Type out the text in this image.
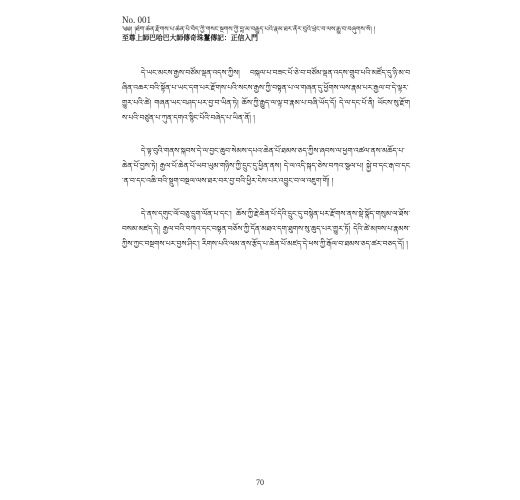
No. 001
༄༅། །ཐེག་ཆེན་རྫོགས་པ་ཆེན་པོ་བོད་ཀྱི་གསང་སྔགས་ཀྱི་བླ་མ་བརྒྱུད་པའི་རྣམ་ཐར་ནོར་བུའི་ཕྲེང་བ་ལས་རྒྱུ་བ་བཞུགས་སོ། །
至尊上師巴哈巴大師傳奇珠鬘傳記：正信入門

དེ་ཡང་མངས་རྒྱས་བཙོམ་ལྡན་འདས་ཀྱིས། བསྐལ་པ་བཟང་པོ་ཅེ་བ་བཙོམ་ལྡན་འདས་གྲུབ་པའི་མཛོད་དུ་ཉི་མ་བཞིན་འཆར་བའི་སྟོན་པ་ཡང་དག་པར་རྫོགས་པའི་སངས་རྒྱས་ཀྱི་བསྟན་པ་ལ་གཞན་དུ་ཕྱོགས་ལས་རྣམ་པར་རྒྱལ་བ་དེ་ལྟར་གྱུར་པའི་ཚེ། གཞན་ཡང་བཤད་པར་བྱ་བ་ཡིན་ཏེ། ཆོས་ཀྱི་རྒྱུད་ལ་ལྟ་བ་རྣམ་པ་བཞི་ཡོད་དོ། དེ་ལ་དང་པོ་ནི། ཡོངས་སུ་རྫོགས་པའི་བཙུན་པ་ཀུན་དགའ་སྙིང་པོའི་བཞེད་པ་ཡིན་ནོ། །

དེ་ལྟ་བུའི་གནས་སྐབས་དེ་ལ་བྱང་ཆུབ་སེམས་དཔའ་ཆེན་པོ་ཐམས་ཅད་ཀྱིས་ཞབས་ལ་ཕྱག་འཚལ་ནས་མཆོད་པ་ཆེན་པོ་བྱས་ཏེ། རྒྱལ་པོ་ཆེན་པོ་ཡབ་ཡུམ་གཉིས་ཀྱི་དྲུང་དུ་ཕྱིན་ནས། དེ་ལ་འདི་སྐད་ཅེས་བཀའ་སྩལ་པ། སྐྱེ་བ་དང་རྒ་བ་དང་ན་བ་དང་འཆི་བའི་སྡུག་བསྔལ་ལས་ཐར་བར་བྱ་བའི་ཕྱིར་ངེས་པར་འབྱུང་བ་ལ་འཇུག་གོ། །

དེ་ནས་དགུང་ལོ་བཅུ་དྲུག་ལོན་པ་དང་། ཆོས་ཀྱི་རྗེ་ཆེན་པོ་དེའི་དྲུང་དུ་བསྙེན་པར་རྫོགས་ནས་སྡེ་སྣོད་གསུམ་ལ་ཐོས་བསམ་མཛད་དེ། རྒྱལ་བའི་བཀའ་དང་བསྟན་བཅོས་ཀྱི་དོན་མཐའ་དག་ཐུགས་སུ་ཆུད་པར་གྱུར་ཏོ། དེའི་ཚེ་མཁས་པ་རྣམས་ཀྱིས་ཀྱང་བསྔགས་པར་བྱས་ཤིང་། རིགས་པའི་ལམ་ནས་རྩོད་པ་ཆེན་པོ་མཛད་དེ་ཕས་ཀྱི་རྒོལ་བ་ཐམས་ཅད་ཚར་བཅད་དོ། །

70
